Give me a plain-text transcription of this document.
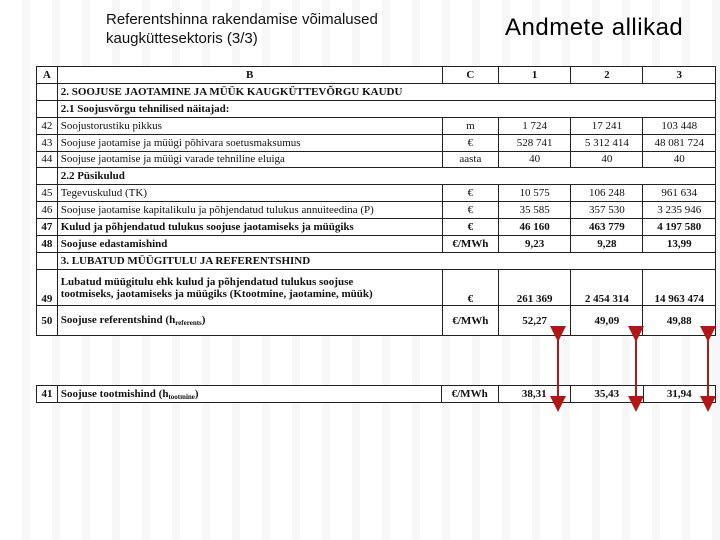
Referentshinna rakendamise võimalused
kaugküttesektoris (3/3)	Andmete allikad
A	B	C	1	2	3
	2. SOOJUSE JAOTAMINE JA MÜÜK KAUGKÜTTEVÕRGU KAUDU				
	2.1 Soojusvõrgu tehnilised näitajad:				
42	Soojustorustiku pikkus	m	1 724	17 241	103 448
43	Soojuse jaotamise ja müügi põhivara soetusmaksumus	€	528 741	5 312 414	48 081 724
44	Soojuse jaotamise ja müügi varade tehniline eluiga	aasta	40	40	40
	2.2 Püsikulud				
45	Tegevuskulud (TK)	€	10 575	106 248	961 634
46	Soojuse jaotamise kapitalikulu ja põhjendatud tulukus annuiteedina (P)	€	35 585	357 530	3 235 946
47	Kulud ja põhjendatud tulukus soojuse jaotamiseks ja müügiks	€	46 160	463 779	4 197 580
48	Soojuse edastamishind	€/MWh	9,23	9,28	13,99
	3. LUBATUD MÜÜGITULU JA REFERENTSHIND				
49	Lubatud müügitulu ehk kulud ja põhjendatud tulukus soojuse
tootmiseks, jaotamiseks ja müügiks (Ktootmine, jaotamine, müük)	€	261 369	2 454 314	14 963 474
50	Soojuse referentshind $(h_{referents})$	€/MWh	52,27	49,09	49,88
41	Soojuse tootmishind $(h_{tootmine})$	€/MWh	38,31	35,43	31,94
